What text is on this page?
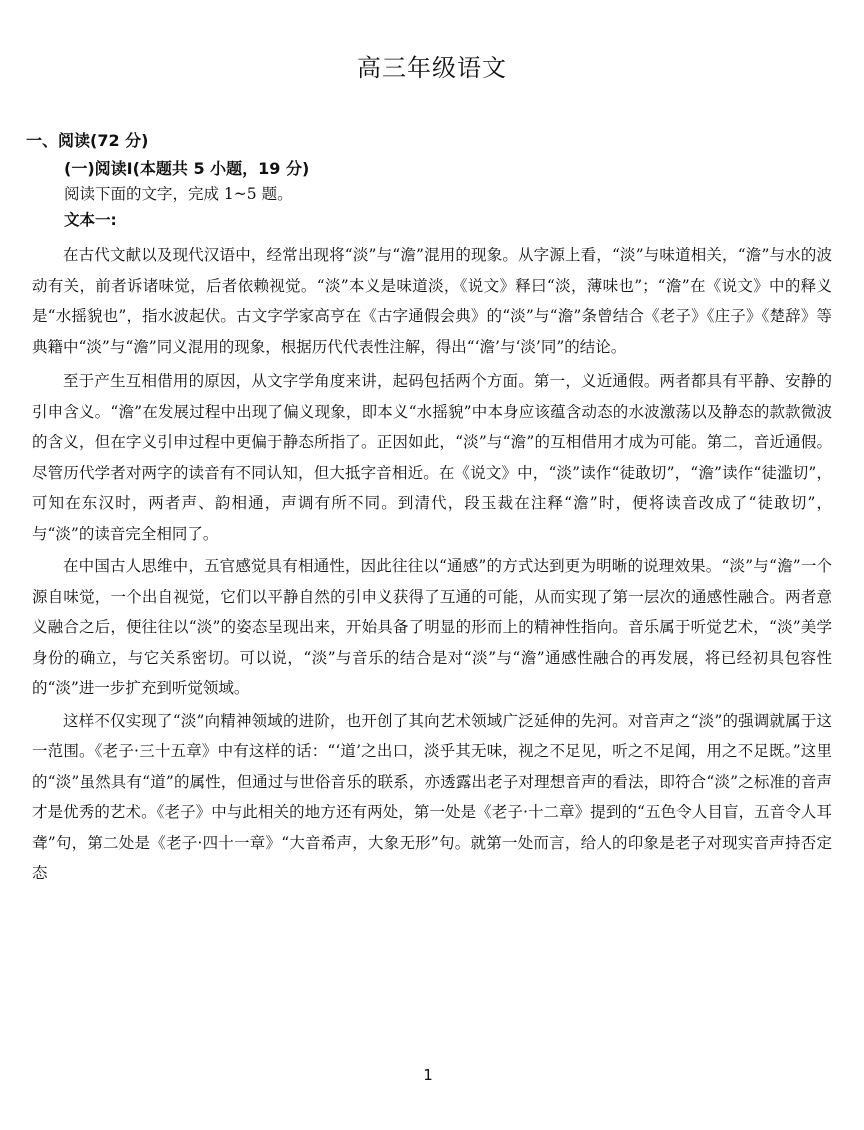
高三年级语文
一、阅读(72 分)
(一)阅读Ⅰ(本题共 5 小题，19 分)
阅读下面的文字，完成 1~5 题。
文本一:

在古代文献以及现代汉语中，经常出现将“淡”与“澹”混用的现象。从字源上看，“淡”与味道相关，“澹”与水的波动有关，前者诉诸味觉，后者依赖视觉。“淡”本义是味道淡，《说文》释曰“淡，薄味也”；“澹”在《说文》中的释义是“水摇貌也”，指水波起伏。古文字学家高亨在《古字通假会典》的“淡”与“澹”条曾结合《老子》《庄子》《楚辞》等典籍中“淡”与“澹”同义混用的现象，根据历代代表性注解，得出“‘澹’与‘淡’同”的结论。

至于产生互相借用的原因，从文字学角度来讲，起码包括两个方面。第一，义近通假。两者都具有平静、安静的引申含义。“澹”在发展过程中出现了偏义现象，即本义“水摇貌”中本身应该蕴含动态的水波激荡以及静态的款款微波的含义，但在字义引申过程中更偏于静态所指了。正因如此，“淡”与“澹”的互相借用才成为可能。第二，音近通假。尽管历代学者对两字的读音有不同认知，但大抵字音相近。在《说文》中，“淡”读作“徒敢切”，“澹”读作“徒滥切”，可知在东汉时，两者声、韵相通，声调有所不同。到清代，段玉裁在注释“澹”时，便将读音改成了“徒敢切”，与“淡”的读音完全相同了。

在中国古人思维中，五官感觉具有相通性，因此往往以“通感”的方式达到更为明晰的说理效果。“淡”与“澹”一个源自味觉，一个出自视觉，它们以平静自然的引申义获得了互通的可能，从而实现了第一层次的通感性融合。两者意义融合之后，便往往以“淡”的姿态呈现出来，开始具备了明显的形而上的精神性指向。音乐属于听觉艺术，“淡”美学身份的确立，与它关系密切。可以说，“淡”与音乐的结合是对“淡”与“澹”通感性融合的再发展，将已经初具包容性的“淡”进一步扩充到听觉领域。

这样不仅实现了“淡”向精神领域的进阶，也开创了其向艺术领域广泛延伸的先河。对音声之“淡”的强调就属于这一范围。《老子·三十五章》中有这样的话：“‘道’之出口，淡乎其无味，视之不足见，听之不足闻，用之不足既。”这里的“淡”虽然具有“道”的属性，但通过与世俗音乐的联系，亦透露出老子对理想音声的看法，即符合“淡”之标准的音声才是优秀的艺术。《老子》中与此相关的地方还有两处，第一处是《老子·十二章》提到的“五色令人目盲，五音令人耳聋”句，第二处是《老子·四十一章》“大音希声，大象无形”句。就第一处而言，给人的印象是老子对现实音声持否定态

1
